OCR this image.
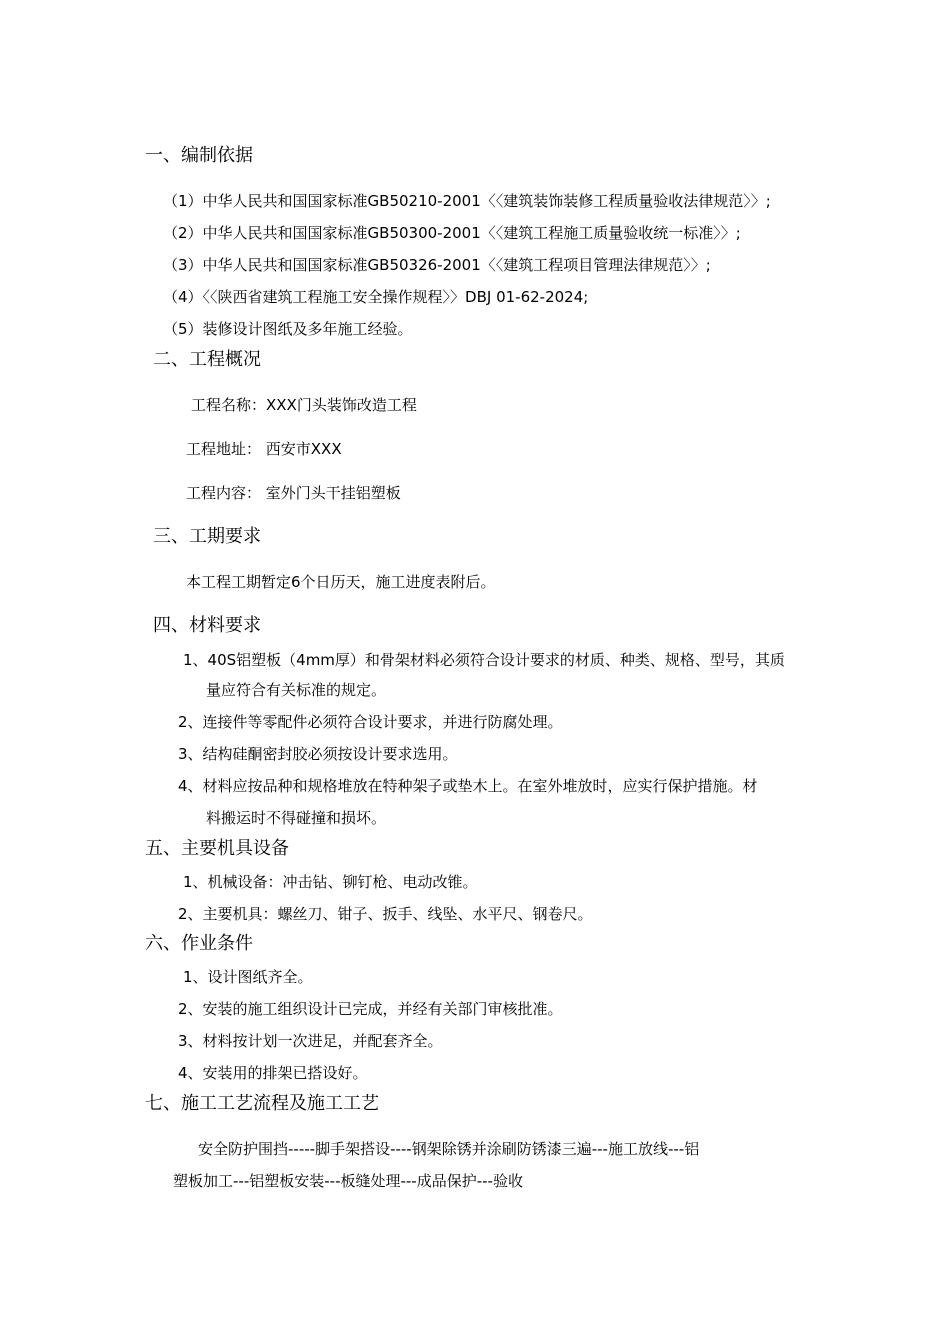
一、编制依据
（1）中华人民共和国国家标准GB50210-2001〈〈建筑装饰装修工程质量验收法律规范〉〉;
（2）中华人民共和国国家标准GB50300-2001〈〈建筑工程施工质量验收统一标准〉〉;
（3）中华人民共和国国家标准GB50326-2001〈〈建筑工程项目管理法律规范〉〉;
（4）〈〈陕西省建筑工程施工安全操作规程〉〉DBJ 01-62-2024;
（5）装修设计图纸及多年施工经验。
二、工程概况
工程名称：XXX门头装饰改造工程
工程地址： 西安市XXX
工程内容： 室外门头干挂铝塑板
三、工期要求
本工程工期暂定6个日历天，施工进度表附后。
四、材料要求
1、40S铝塑板（4mm厚）和骨架材料必须符合设计要求的材质、种类、规格、型号，其质
量应符合有关标准的规定。
2、连接件等零配件必须符合设计要求，并进行防腐处理。
3、结构硅酮密封胶必须按设计要求选用。
4、材料应按品种和规格堆放在特种架子或垫木上。在室外堆放时，应实行保护措施。材
料搬运时不得碰撞和损坏。
五、主要机具设备
1、机械设备：冲击钻、铆钉枪、电动改锥。
2、主要机具：螺丝刀、钳子、扳手、线坠、水平尺、钢卷尺。
六、作业条件
1、设计图纸齐全。
2、安装的施工组织设计已完成，并经有关部门审核批准。
3、材料按计划一次进足，并配套齐全。
4、安装用的排架已搭设好。
七、施工工艺流程及施工工艺
安全防护围挡-----脚手架搭设----钢架除锈并涂刷防锈漆三遍---施工放线---铝
塑板加工---铝塑板安装---板缝处理---成品保护---验收
